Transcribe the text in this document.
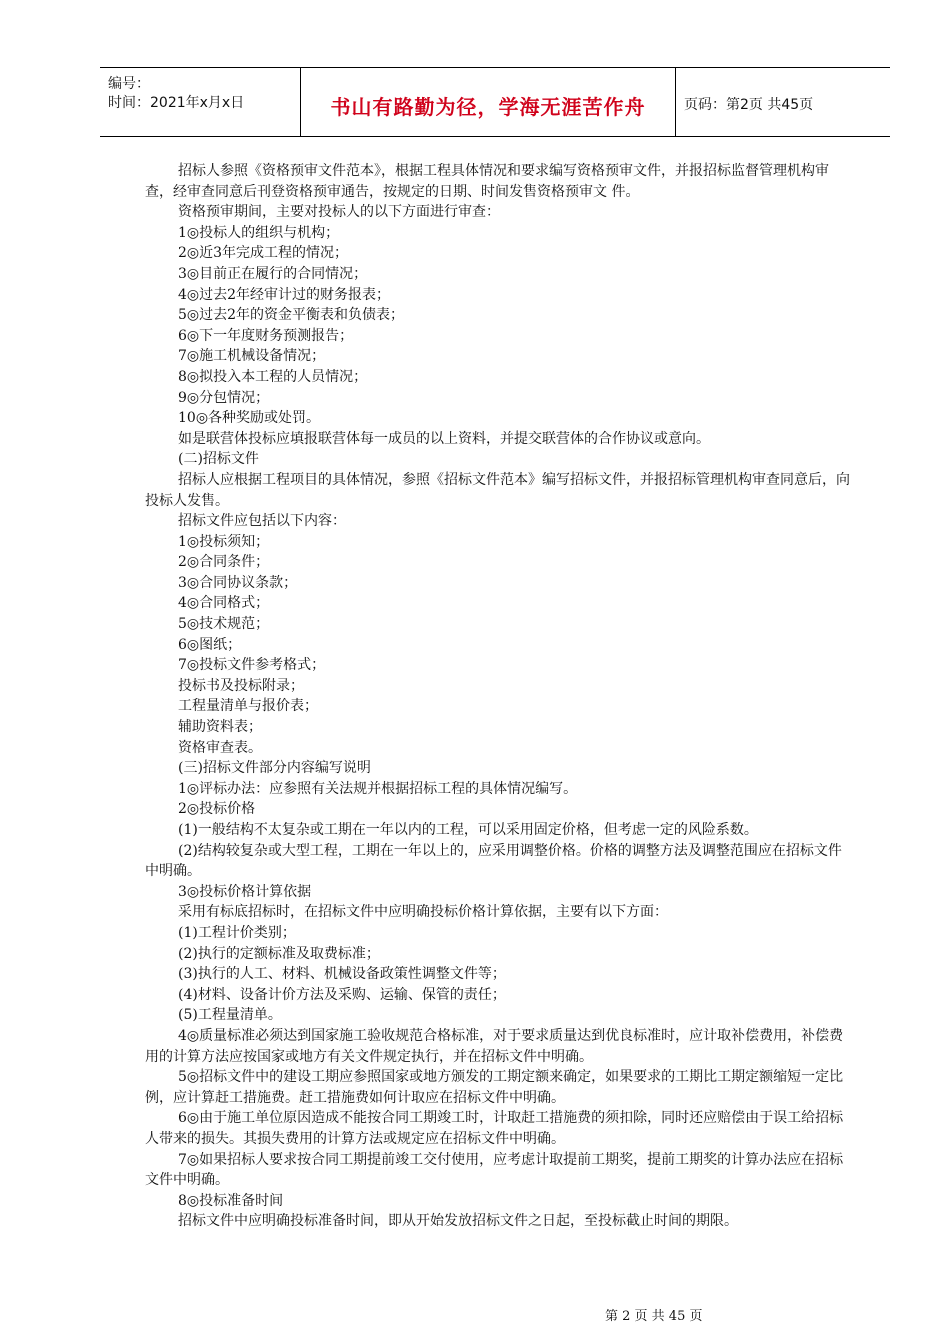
编号：
时间：2021年x月x日	书山有路勤为径，学海无涯苦作舟	页码：第2页 共45页

招标人参照《资格预审文件范本》，根据工程具体情况和要求编写资格预审文件，并报招标监督管理机构审查，经审查同意后刊登资格预审通告，按规定的日期、时间发售资格预审文 件。

资格预审期间，主要对投标人的以下方面进行审查：

1◎投标人的组织与机构；

2◎近3年完成工程的情况；

3◎目前正在履行的合同情况；

4◎过去2年经审计过的财务报表；

5◎过去2年的资金平衡表和负债表；

6◎下一年度财务预测报告；

7◎施工机械设备情况；

8◎拟投入本工程的人员情况；

9◎分包情况；

10◎各种奖励或处罚。

如是联营体投标应填报联营体每一成员的以上资料，并提交联营体的合作协议或意向。

(二)招标文件

招标人应根据工程项目的具体情况，参照《招标文件范本》编写招标文件，并报招标管理机构审查同意后，向投标人发售。

招标文件应包括以下内容：

1◎投标须知；

2◎合同条件；

3◎合同协议条款；

4◎合同格式；

5◎技术规范；

6◎图纸；

7◎投标文件参考格式；

投标书及投标附录；

工程量清单与报价表；

辅助资料表；

资格审查表。

(三)招标文件部分内容编写说明

1◎评标办法：应参照有关法规并根据招标工程的具体情况编写。

2◎投标价格

(1)一般结构不太复杂或工期在一年以内的工程，可以采用固定价格，但考虑一定的风险系数。

(2)结构较复杂或大型工程，工期在一年以上的，应采用调整价格。价格的调整方法及调整范围应在招标文件中明确。

3◎投标价格计算依据

采用有标底招标时，在招标文件中应明确投标价格计算依据，主要有以下方面：

(1)工程计价类别；

(2)执行的定额标准及取费标准；

(3)执行的人工、材料、机械设备政策性调整文件等；

(4)材料、设备计价方法及采购、运输、保管的责任；

(5)工程量清单。

4◎质量标准必须达到国家施工验收规范合格标准，对于要求质量达到优良标准时，应计取补偿费用，补偿费用的计算方法应按国家或地方有关文件规定执行，并在招标文件中明确。

5◎招标文件中的建设工期应参照国家或地方颁发的工期定额来确定，如果要求的工期比工期定额缩短一定比例，应计算赶工措施费。赶工措施费如何计取应在招标文件中明确。

6◎由于施工单位原因造成不能按合同工期竣工时，计取赶工措施费的须扣除，同时还应赔偿由于误工给招标人带来的损失。其损失费用的计算方法或规定应在招标文件中明确。

7◎如果招标人要求按合同工期提前竣工交付使用，应考虑计取提前工期奖，提前工期奖的计算办法应在招标文件中明确。

8◎投标准备时间

招标文件中应明确投标准备时间，即从开始发放招标文件之日起，至投标截止时间的期限。

第 2 页 共 45 页
